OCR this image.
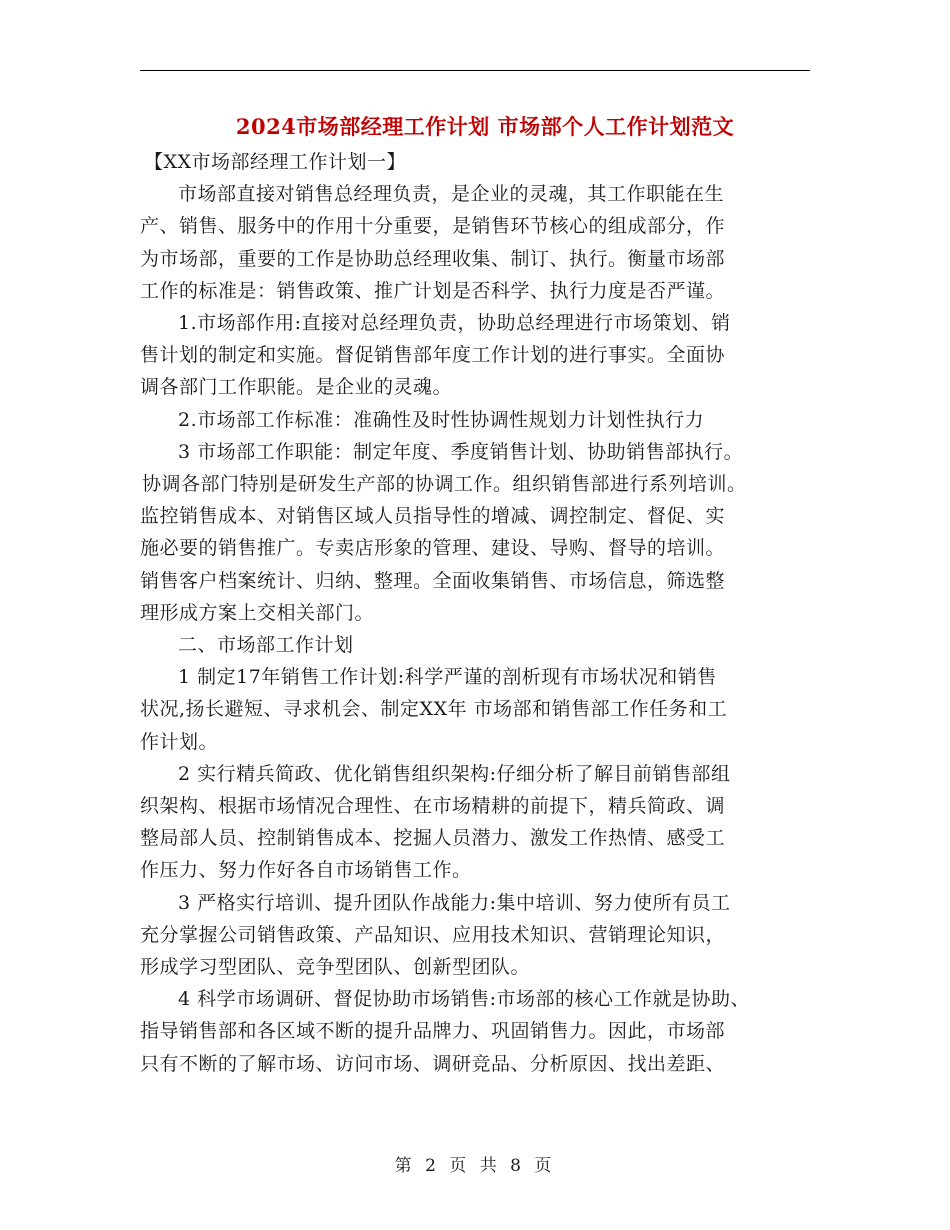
2024市场部经理工作计划 市场部个人工作计划范文

【XX市场部经理工作计划一】

市场部直接对销售总经理负责，是企业的灵魂，其工作职能在生

产、销售、服务中的作用十分重要，是销售环节核心的组成部分，作

为市场部，重要的工作是协助总经理收集、制订、执行。衡量市场部

工作的标准是：销售政策、推广计划是否科学、执行力度是否严谨。

1.市场部作用:直接对总经理负责，协助总经理进行市场策划、销

售计划的制定和实施。督促销售部年度工作计划的进行事实。全面协

调各部门工作职能。是企业的灵魂。

2.市场部工作标准：准确性及时性协调性规划力计划性执行力

3 市场部工作职能：制定年度、季度销售计划、协助销售部执行。

协调各部门特别是研发生产部的协调工作。组织销售部进行系列培训。

监控销售成本、对销售区域人员指导性的增减、调控制定、督促、实

施必要的销售推广。专卖店形象的管理、建设、导购、督导的培训。

销售客户档案统计、归纳、整理。全面收集销售、市场信息，筛选整

理形成方案上交相关部门。

二、市场部工作计划

1 制定17年销售工作计划:科学严谨的剖析现有市场状况和销售

状况,扬长避短、寻求机会、制定XX年 市场部和销售部工作任务和工

作计划。

2 实行精兵简政、优化销售组织架构:仔细分析了解目前销售部组

织架构、根据市场情况合理性、在市场精耕的前提下，精兵简政、调

整局部人员、控制销售成本、挖掘人员潜力、激发工作热情、感受工

作压力、努力作好各自市场销售工作。

3 严格实行培训、提升团队作战能力:集中培训、努力使所有员工

充分掌握公司销售政策、产品知识、应用技术知识、营销理论知识，

形成学习型团队、竞争型团队、创新型团队。

4 科学市场调研、督促协助市场销售:市场部的核心工作就是协助、

指导销售部和各区域不断的提升品牌力、巩固销售力。因此，市场部

只有不断的了解市场、访问市场、调研竞品、分析原因、找出差距、

第 2 页 共 8 页
